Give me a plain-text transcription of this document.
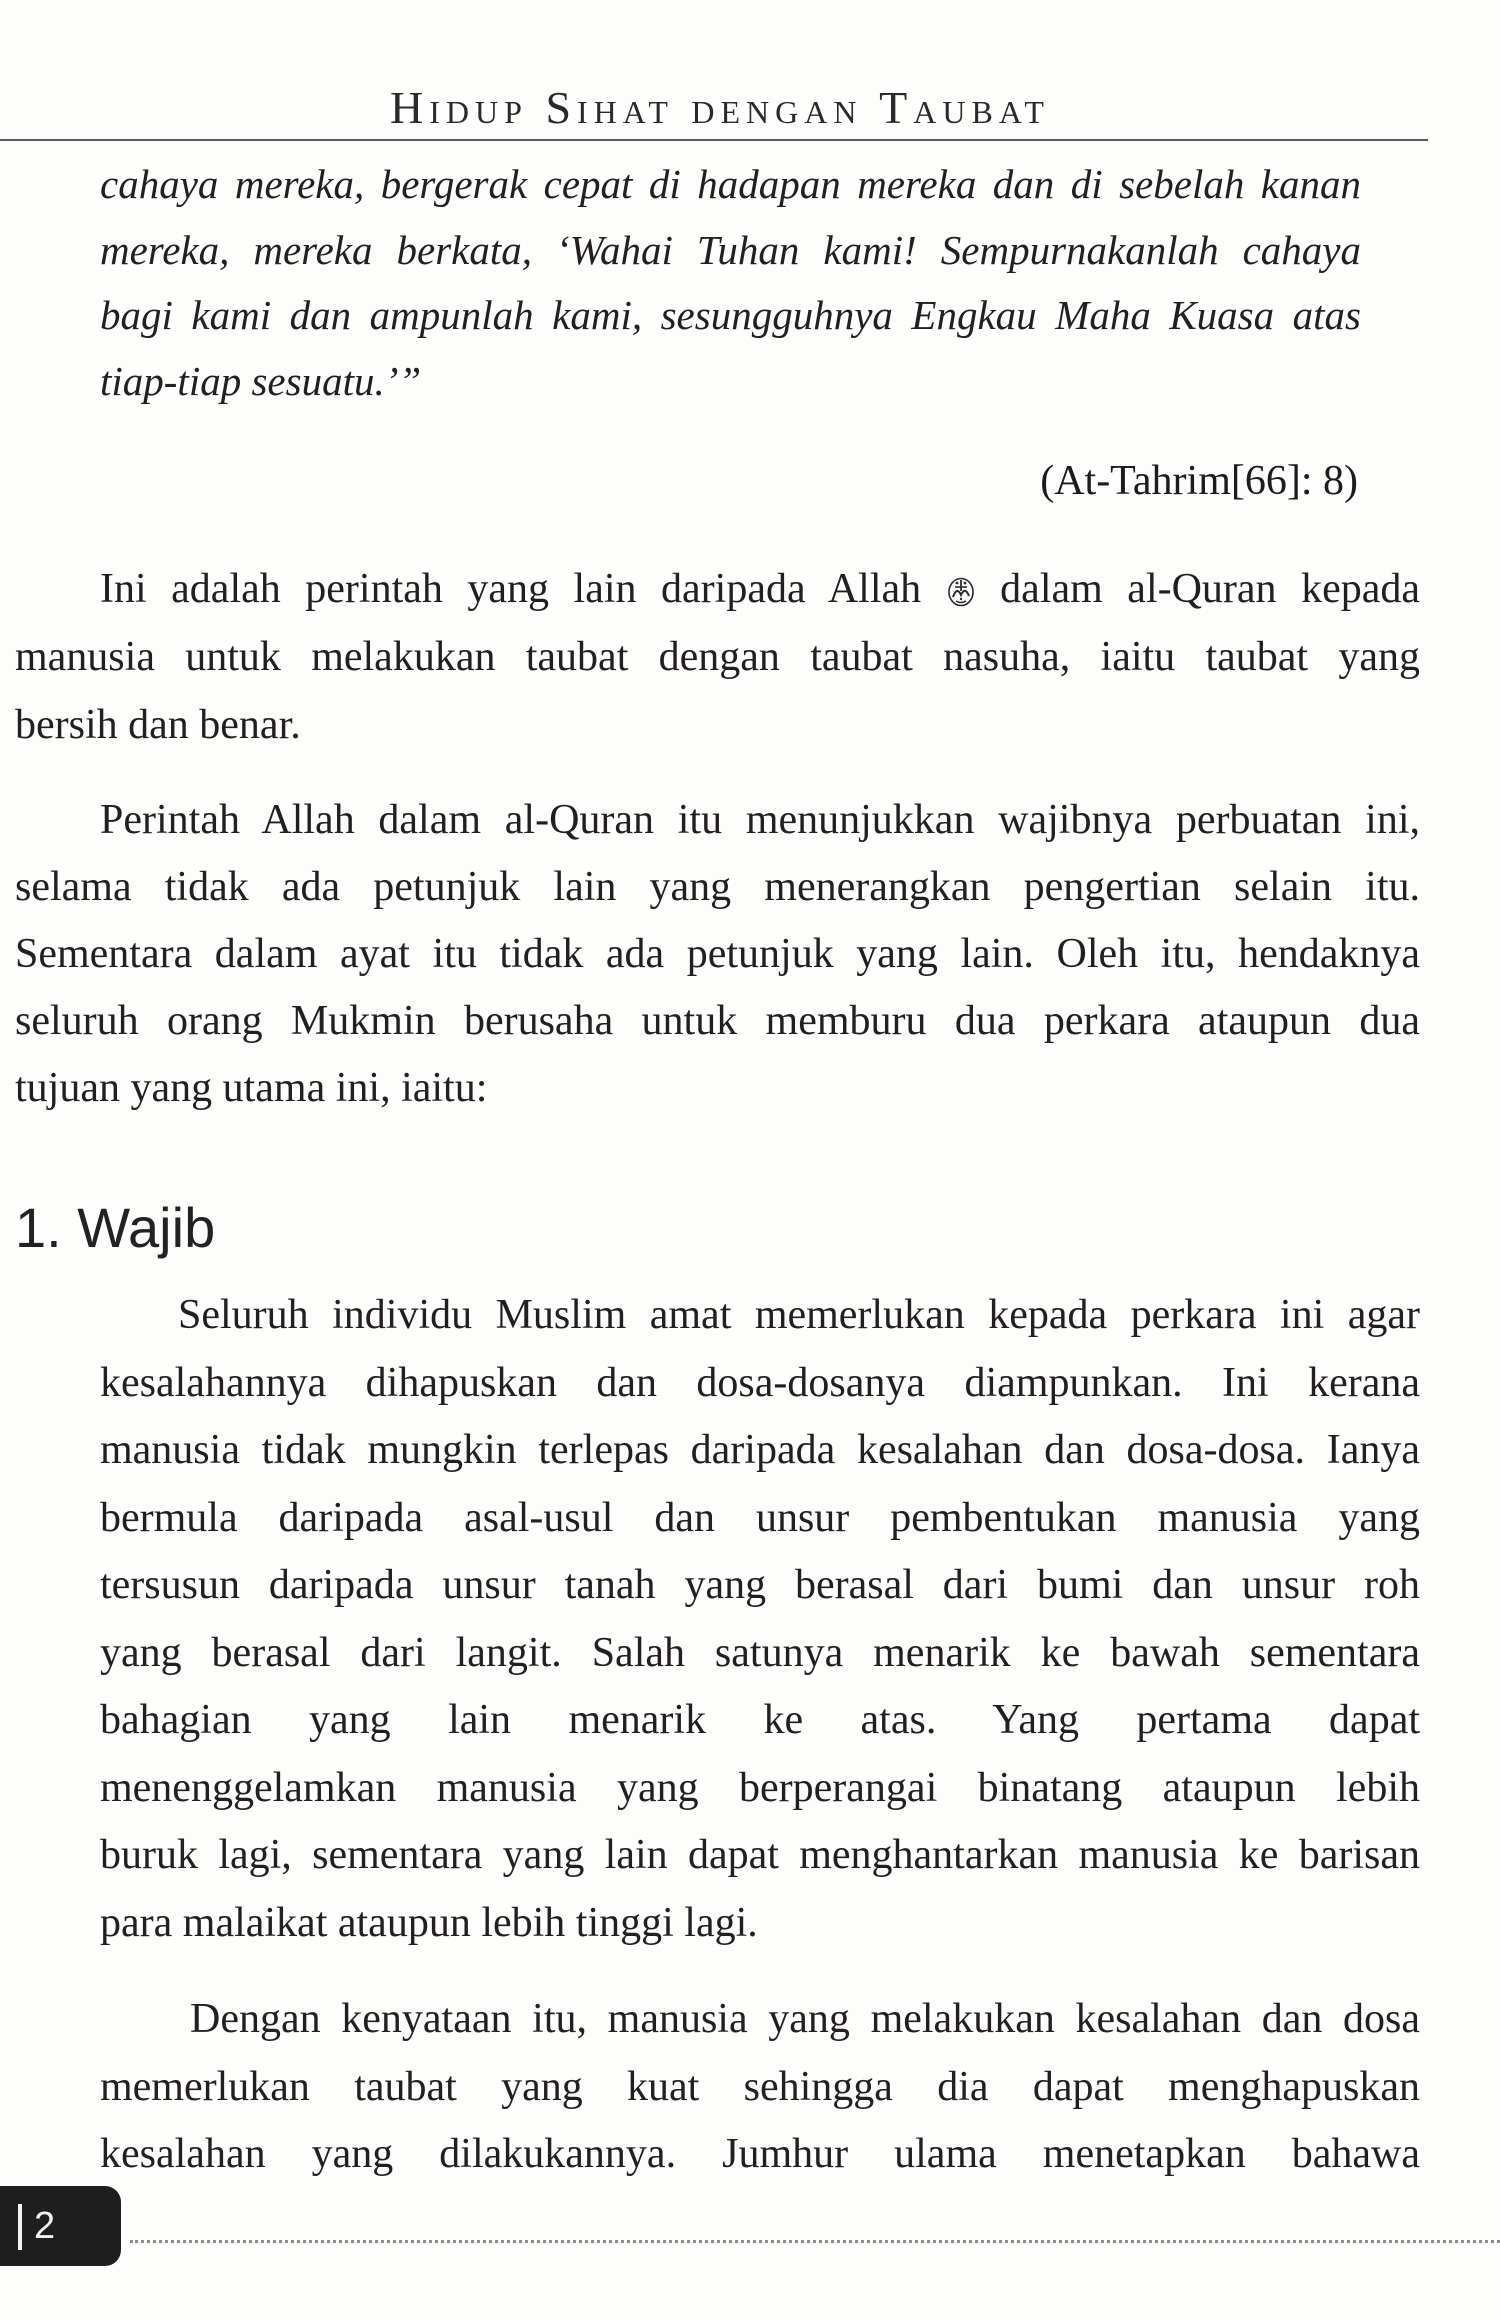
Hidup Sihat dengan Taubat
cahaya mereka, bergerak cepat di hadapan mereka dan di sebelah kanan
mereka, mereka berkata, ‘Wahai Tuhan kami! Sempurnakanlah cahaya
bagi kami dan ampunlah kami, sesungguhnya Engkau Maha Kuasa atas
tiap-tiap sesuatu.’”
(At-Tahrim[66]: 8)
Ini adalah perintah yang lain daripada Allah dalam al-Quran kepada
manusia untuk melakukan taubat dengan taubat nasuha, iaitu taubat yang
bersih dan benar.
Perintah Allah dalam al-Quran itu menunjukkan wajibnya perbuatan ini,
selama tidak ada petunjuk lain yang menerangkan pengertian selain itu.
Sementara dalam ayat itu tidak ada petunjuk yang lain. Oleh itu, hendaknya
seluruh orang Mukmin berusaha untuk memburu dua perkara ataupun dua
tujuan yang utama ini, iaitu:
1. Wajib
Seluruh individu Muslim amat memerlukan kepada perkara ini agar
kesalahannya dihapuskan dan dosa-dosanya diampunkan. Ini kerana
manusia tidak mungkin terlepas daripada kesalahan dan dosa-dosa. Ianya
bermula daripada asal-usul dan unsur pembentukan manusia yang
tersusun daripada unsur tanah yang berasal dari bumi dan unsur roh
yang berasal dari langit. Salah satunya menarik ke bawah sementara
bahagian yang lain menarik ke atas. Yang pertama dapat
menenggelamkan manusia yang berperangai binatang ataupun lebih
buruk lagi, sementara yang lain dapat menghantarkan manusia ke barisan
para malaikat ataupun lebih tinggi lagi.
Dengan kenyataan itu, manusia yang melakukan kesalahan dan dosa
memerlukan taubat yang kuat sehingga dia dapat menghapuskan
kesalahan yang dilakukannya. Jumhur ulama menetapkan bahawa
2
